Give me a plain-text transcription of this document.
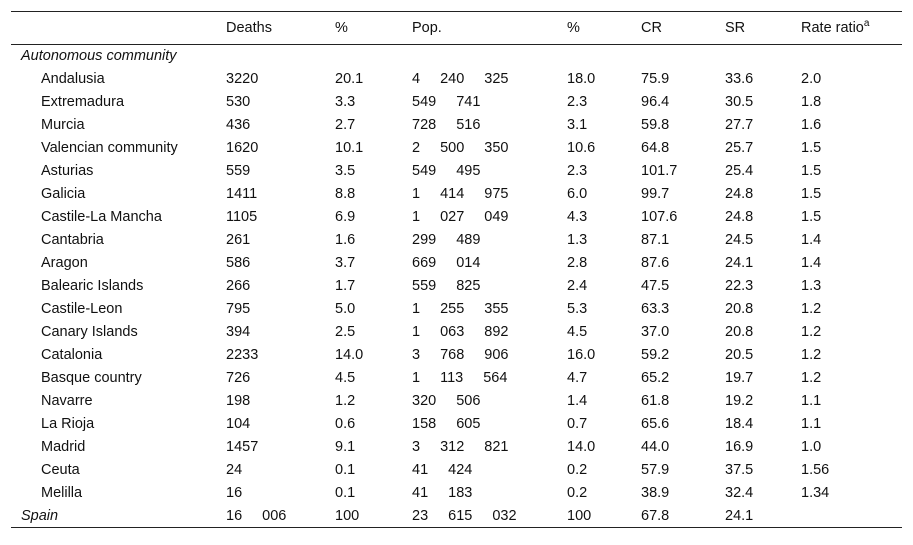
	Deaths	%	Pop.	%	CR	SR	Rate ratio$^a$
Autonomous community							
Andalusia	3220	20.1	4 240 325	18.0	75.9	33.6	2.0
Extremadura	530	3.3	549 741	2.3	96.4	30.5	1.8
Murcia	436	2.7	728 516	3.1	59.8	27.7	1.6
Valencian community	1620	10.1	2 500 350	10.6	64.8	25.7	1.5
Asturias	559	3.5	549 495	2.3	101.7	25.4	1.5
Galicia	1411	8.8	1 414 975	6.0	99.7	24.8	1.5
Castile-La Mancha	1105	6.9	1 027 049	4.3	107.6	24.8	1.5
Cantabria	261	1.6	299 489	1.3	87.1	24.5	1.4
Aragon	586	3.7	669 014	2.8	87.6	24.1	1.4
Balearic Islands	266	1.7	559 825	2.4	47.5	22.3	1.3
Castile-Leon	795	5.0	1 255 355	5.3	63.3	20.8	1.2
Canary Islands	394	2.5	1 063 892	4.5	37.0	20.8	1.2
Catalonia	2233	14.0	3 768 906	16.0	59.2	20.5	1.2
Basque country	726	4.5	1 113 564	4.7	65.2	19.7	1.2
Navarre	198	1.2	320 506	1.4	61.8	19.2	1.1
La Rioja	104	0.6	158 605	0.7	65.6	18.4	1.1
Madrid	1457	9.1	3 312 821	14.0	44.0	16.9	1.0
Ceuta	24	0.1	41 424	0.2	57.9	37.5	1.56
Melilla	16	0.1	41 183	0.2	38.9	32.4	1.34
Spain	16 006	100	23 615 032	100	67.8	24.1	
